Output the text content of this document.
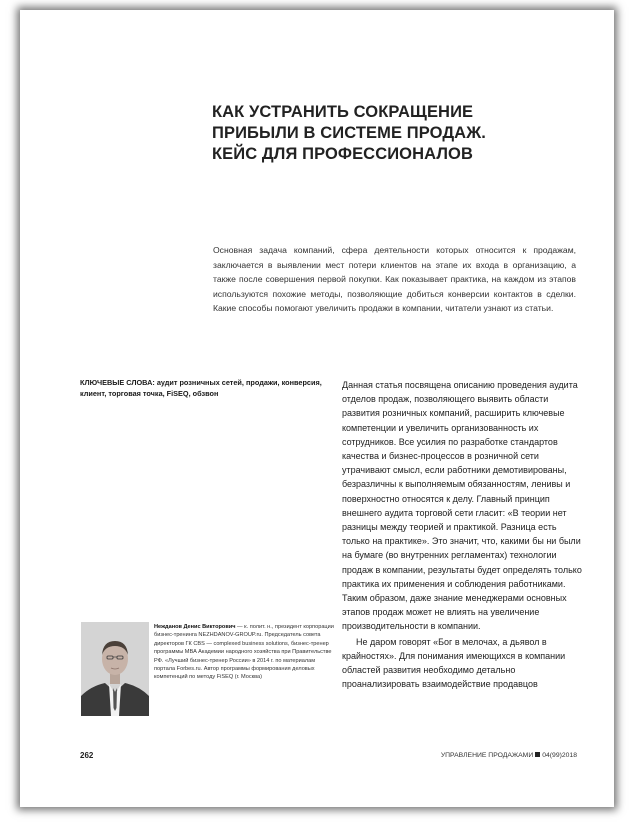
КАК УСТРАНИТЬ СОКРАЩЕНИЕ
ПРИБЫЛИ В СИСТЕМЕ ПРОДАЖ.
КЕЙС ДЛЯ ПРОФЕССИОНАЛОВ

Основная задача компаний, сфера деятельности которых относится к продажам, заключается в выявлении мест потери клиентов на этапе их входа в организацию, а также после совершения первой покупки. Как показывает практика, на каждом из этапов используются похожие методы, позволяющие добиться конверсии контактов в сделки. Какие способы помогают увеличить продажи в компании, читатели узнают из статьи.

КЛЮЧЕВЫЕ СЛОВА: аудит розничных сетей, продажи, конверсия, клиент, торговая точка, FiSEQ, обзвон

Данная статья посвящена описанию проведения аудита отделов продаж, позволяющего выявить области развития розничных компаний, расширить ключевые компетенции и увеличить организованность их сотрудников. Все усилия по разработке стандартов качества и бизнес-процессов в розничной сети утрачивают смысл, если работники демотивированы, безразличны к выполняемым обязанностям, ленивы и поверхностно относятся к делу. Главный принцип внешнего аудита торговой сети гласит: «В теории нет разницы между теорией и практикой. Разница есть только на практике». Это значит, что, какими бы ни были на бумаге (во внутренних регламентах) технологии продаж в компании, результаты будет определять только практика их применения и соблюдения работниками. Таким образом, даже знание менеджерами основных этапов продаж может не влиять на увеличение производительности в компании.

Не даром говорят «Бог в мелочах, а дьявол в крайностях». Для понимания имеющихся в компании областей развития необходимо детально проанализировать взаимодействие продавцов

Нежданов Денис Викторович — к. полит. н., президент корпорации бизнес-тренинга NEZHDANOV-GROUP.ru. Председатель совета директоров ГК CBS — complexed business solutions, бизнес-тренер программы MBA Академии народного хозяйства при Правительстве РФ. «Лучший бизнес-тренер России» в 2014 г. по материалам портала Forbes.ru. Автор программы формирования деловых компетенций по методу FiSEQ (г. Москва)

262	УПРАВЛЕНИЕ ПРОДАЖАМИ 04(99)2018
